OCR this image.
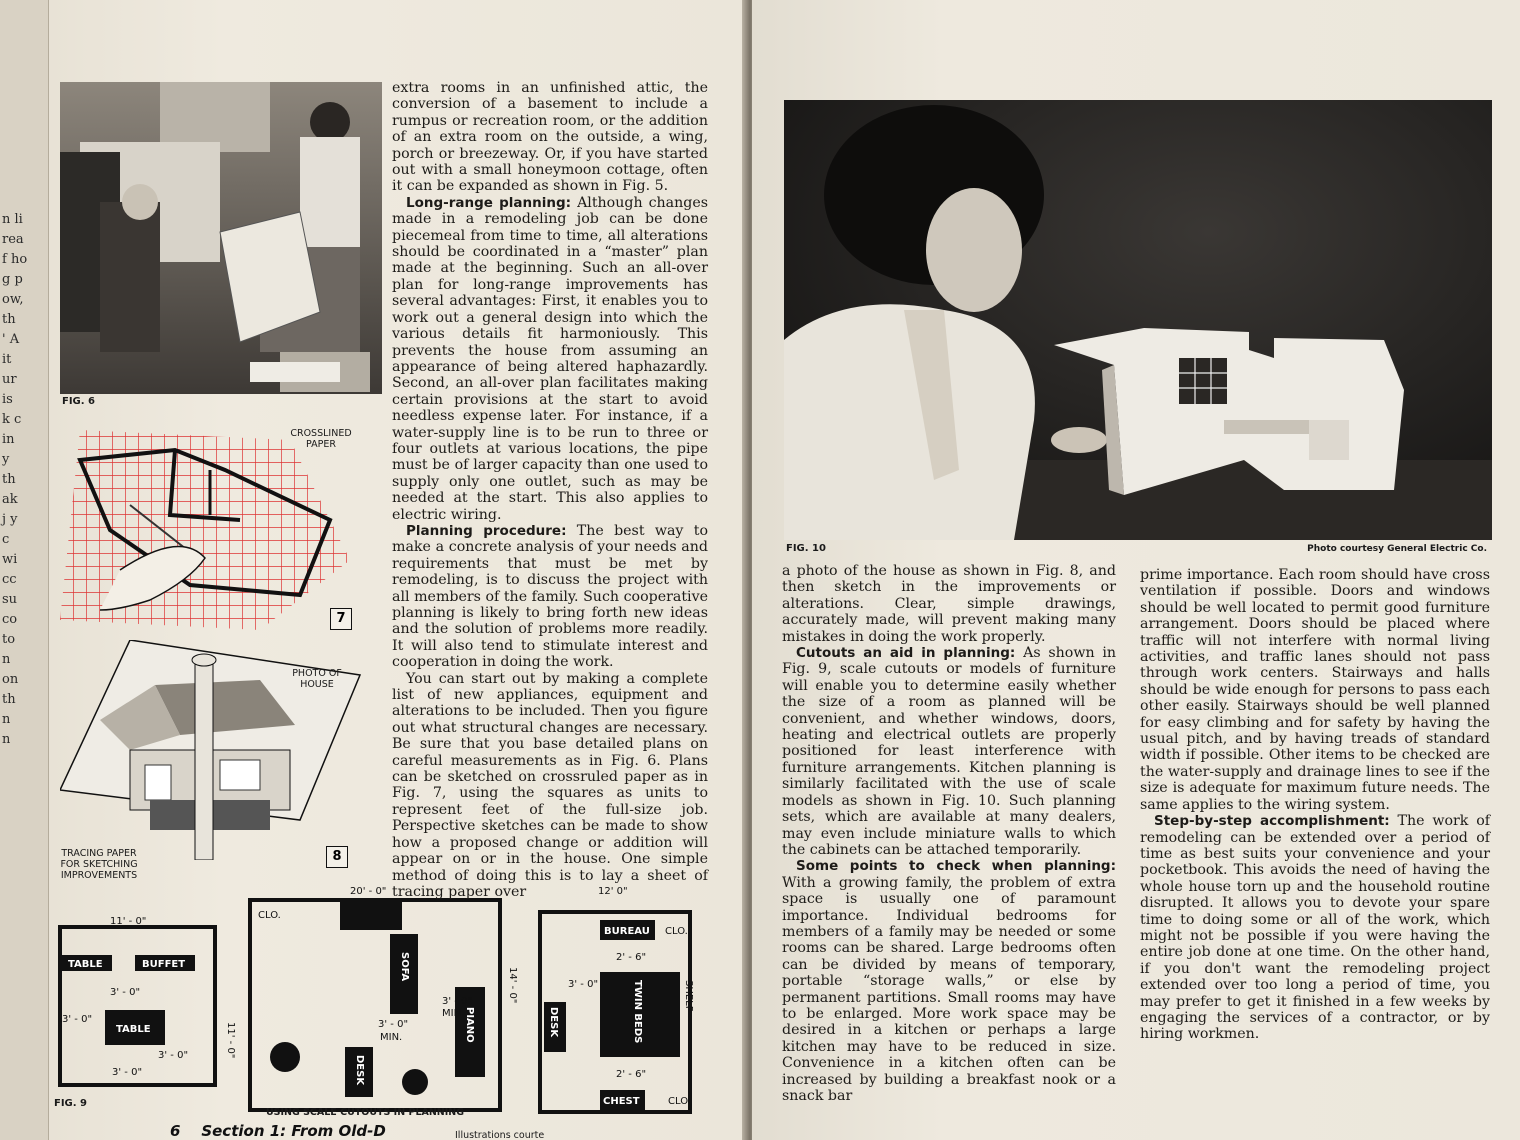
n li
rea
f ho
g p
ow,
th
' A
it
ur
is
k c
in
y
th
ak
j y
c
wi
cc
su
co
to
n
on
th
n
n
FIG. 6
CROSSLINED PAPER
7
PHOTO OF HOUSE
TRACING PAPER FOR SKETCHING IMPROVEMENTS
8
TABLE	BUFFET
TABLE
11' - 0"
3' - 0"
3' - 0"
3' - 0"
3' - 0"
11' - 0"
20' - 0"
CLO.
SOFA
PIANO
DESK
3' - 0"
MIN.
3' - 0"
MIN.
14' - 0"
12' 0"
BUREAU CLO.
2' - 6"
TWIN BEDS	SHELF
DESK
3' - 0"
2' - 6"
CHEST	CLO.
FIG. 9
USING SCALE CUTOUTS IN PLANNING

extra rooms in an unfinished attic, the conversion of a basement to include a rumpus or recreation room, or the addition of an extra room on the outside, a wing, porch or breezeway. Or, if you have started out with a small honeymoon cottage, often it can be expanded as shown in Fig. 5.

Long-range planning: Although changes made in a remodeling job can be done piecemeal from time to time, all alterations should be coordinated in a “master” plan made at the beginning. Such an all-over plan for long-range improvements has several advantages: First, it enables you to work out a general design into which the various details fit harmoniously. This prevents the house from assuming an appearance of being altered haphazardly. Second, an all-over plan facilitates making certain provisions at the start to avoid needless expense later. For instance, if a water-supply line is to be run to three or four outlets at various locations, the pipe must be of larger capacity than one used to supply only one outlet, such as may be needed at the start. This also applies to electric wiring.

Planning procedure: The best way to make a concrete analysis of your needs and requirements that must be met by remodeling, is to discuss the project with all members of the family. Such cooperative planning is likely to bring forth new ideas and the solution of problems more readily. It will also tend to stimulate interest and cooperation in doing the work.

You can start out by making a complete list of new appliances, equipment and alterations to be included. Then you figure out what structural changes are necessary. Be sure that you base detailed plans on careful measurements as in Fig. 6. Plans can be sketched on crossruled paper as in Fig. 7, using the squares as units to represent feet of the full-size job. Perspective sketches can be made to show how a proposed change or addition will appear on or in the house. One simple method of doing this is to lay a sheet of tracing paper over

6 Section 1: From Old-D	Illustrations courte
FIG. 10	Photo courtesy General Electric Co.

a photo of the house as shown in Fig. 8, and then sketch in the improvements or alterations. Clear, simple drawings, accurately made, will prevent making many mistakes in doing the work properly.

Cutouts an aid in planning: As shown in Fig. 9, scale cutouts or models of furniture will enable you to determine easily whether the size of a room as planned will be convenient, and whether windows, doors, heating and electrical outlets are properly positioned for least interference with furniture arrangements. Kitchen planning is similarly facilitated with the use of scale models as shown in Fig. 10. Such planning sets, which are available at many dealers, may even include miniature walls to which the cabinets can be attached temporarily.

Some points to check when planning: With a growing family, the problem of extra space is usually one of paramount importance. Individual bedrooms for members of a family may be needed or some rooms can be shared. Large bedrooms often can be divided by means of temporary, portable “storage walls,” or else by permanent partitions. Small rooms may have to be enlarged. More work space may be desired in a kitchen or perhaps a large kitchen may have to be reduced in size. Convenience in a kitchen often can be increased by building a breakfast nook or a snack bar

prime importance. Each room should have cross ventilation if possible. Doors and windows should be well located to permit good furniture arrangement. Doors should be placed where traffic will not interfere with normal living activities, and traffic lanes should not pass through work centers. Stairways and halls should be wide enough for persons to pass each other easily. Stairways should be well planned for easy climbing and for safety by having the usual pitch, and by having treads of standard width if possible. Other items to be checked are the water-supply and drainage lines to see if the size is adequate for maximum future needs. The same applies to the wiring system.

Step-by-step accomplishment: The work of remodeling can be extended over a period of time as best suits your convenience and your pocketbook. This avoids the need of having the whole house torn up and the household routine disrupted. It allows you to devote your spare time to doing some or all of the work, which might not be possible if you were having the entire job done at one time. On the other hand, if you don't want the remodeling project extended over too long a period of time, you may prefer to get it finished in a few weeks by engaging the services of a contractor, or by hiring workmen.
